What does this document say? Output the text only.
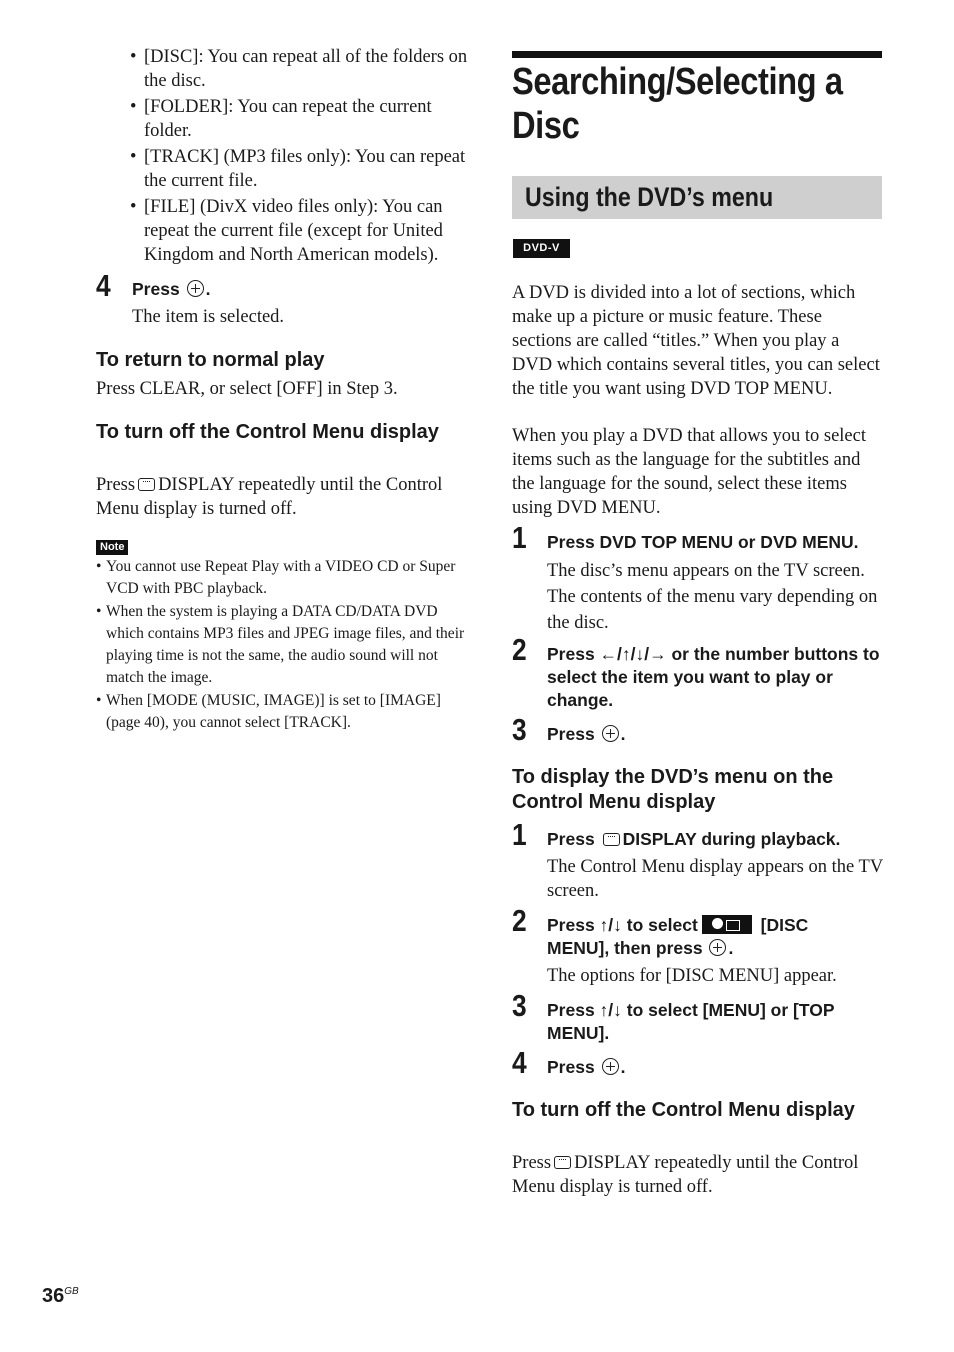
• [DISC]: You can repeat all of the folders on the disc.
• [FOLDER]: You can repeat the current folder.
• [TRACK] (MP3 files only): You can repeat the current file.
• [FILE] (DivX video files only): You can repeat the current file (except for United Kingdom and North American models).
4 Press .
The item is selected.
To return to normal play
Press CLEAR, or select [OFF] in Step 3.
To turn off the Control Menu display
Press DISPLAY repeatedly until the Control Menu display is turned off.
Note
• You cannot use Repeat Play with a VIDEO CD or Super VCD with PBC playback.
• When the system is playing a DATA CD/DATA DVD which contains MP3 files and JPEG image files, and their playing time is not the same, the audio sound will not match the image.
• When [MODE (MUSIC, IMAGE)] is set to [IMAGE] (page 40), you cannot select [TRACK].
Searching/Selecting a Disc
Using the DVD’s menu
DVD-V
A DVD is divided into a lot of sections, which make up a picture or music feature. These sections are called “titles.” When you play a DVD which contains several titles, you can select the title you want using DVD TOP MENU.
When you play a DVD that allows you to select items such as the language for the subtitles and the language for the sound, select these items using DVD MENU.
1 Press DVD TOP MENU or DVD MENU.
The disc’s menu appears on the TV screen. The contents of the menu vary depending on the disc.
2 Press ←/↑/↓/→ or the number buttons to select the item you want to play or change.
3 Press .
To display the DVD’s menu on the Control Menu display
1 Press DISPLAY during playback.
The Control Menu display appears on the TV screen.
2 Press ↑/↓ to select	[DISC
MENU], then press .
The options for [DISC MENU] appear.
3 Press ↑/↓ to select [MENU] or [TOP MENU].
4 Press .
To turn off the Control Menu display
Press DISPLAY repeatedly until the Control Menu display is turned off.
$36^{GB}$
